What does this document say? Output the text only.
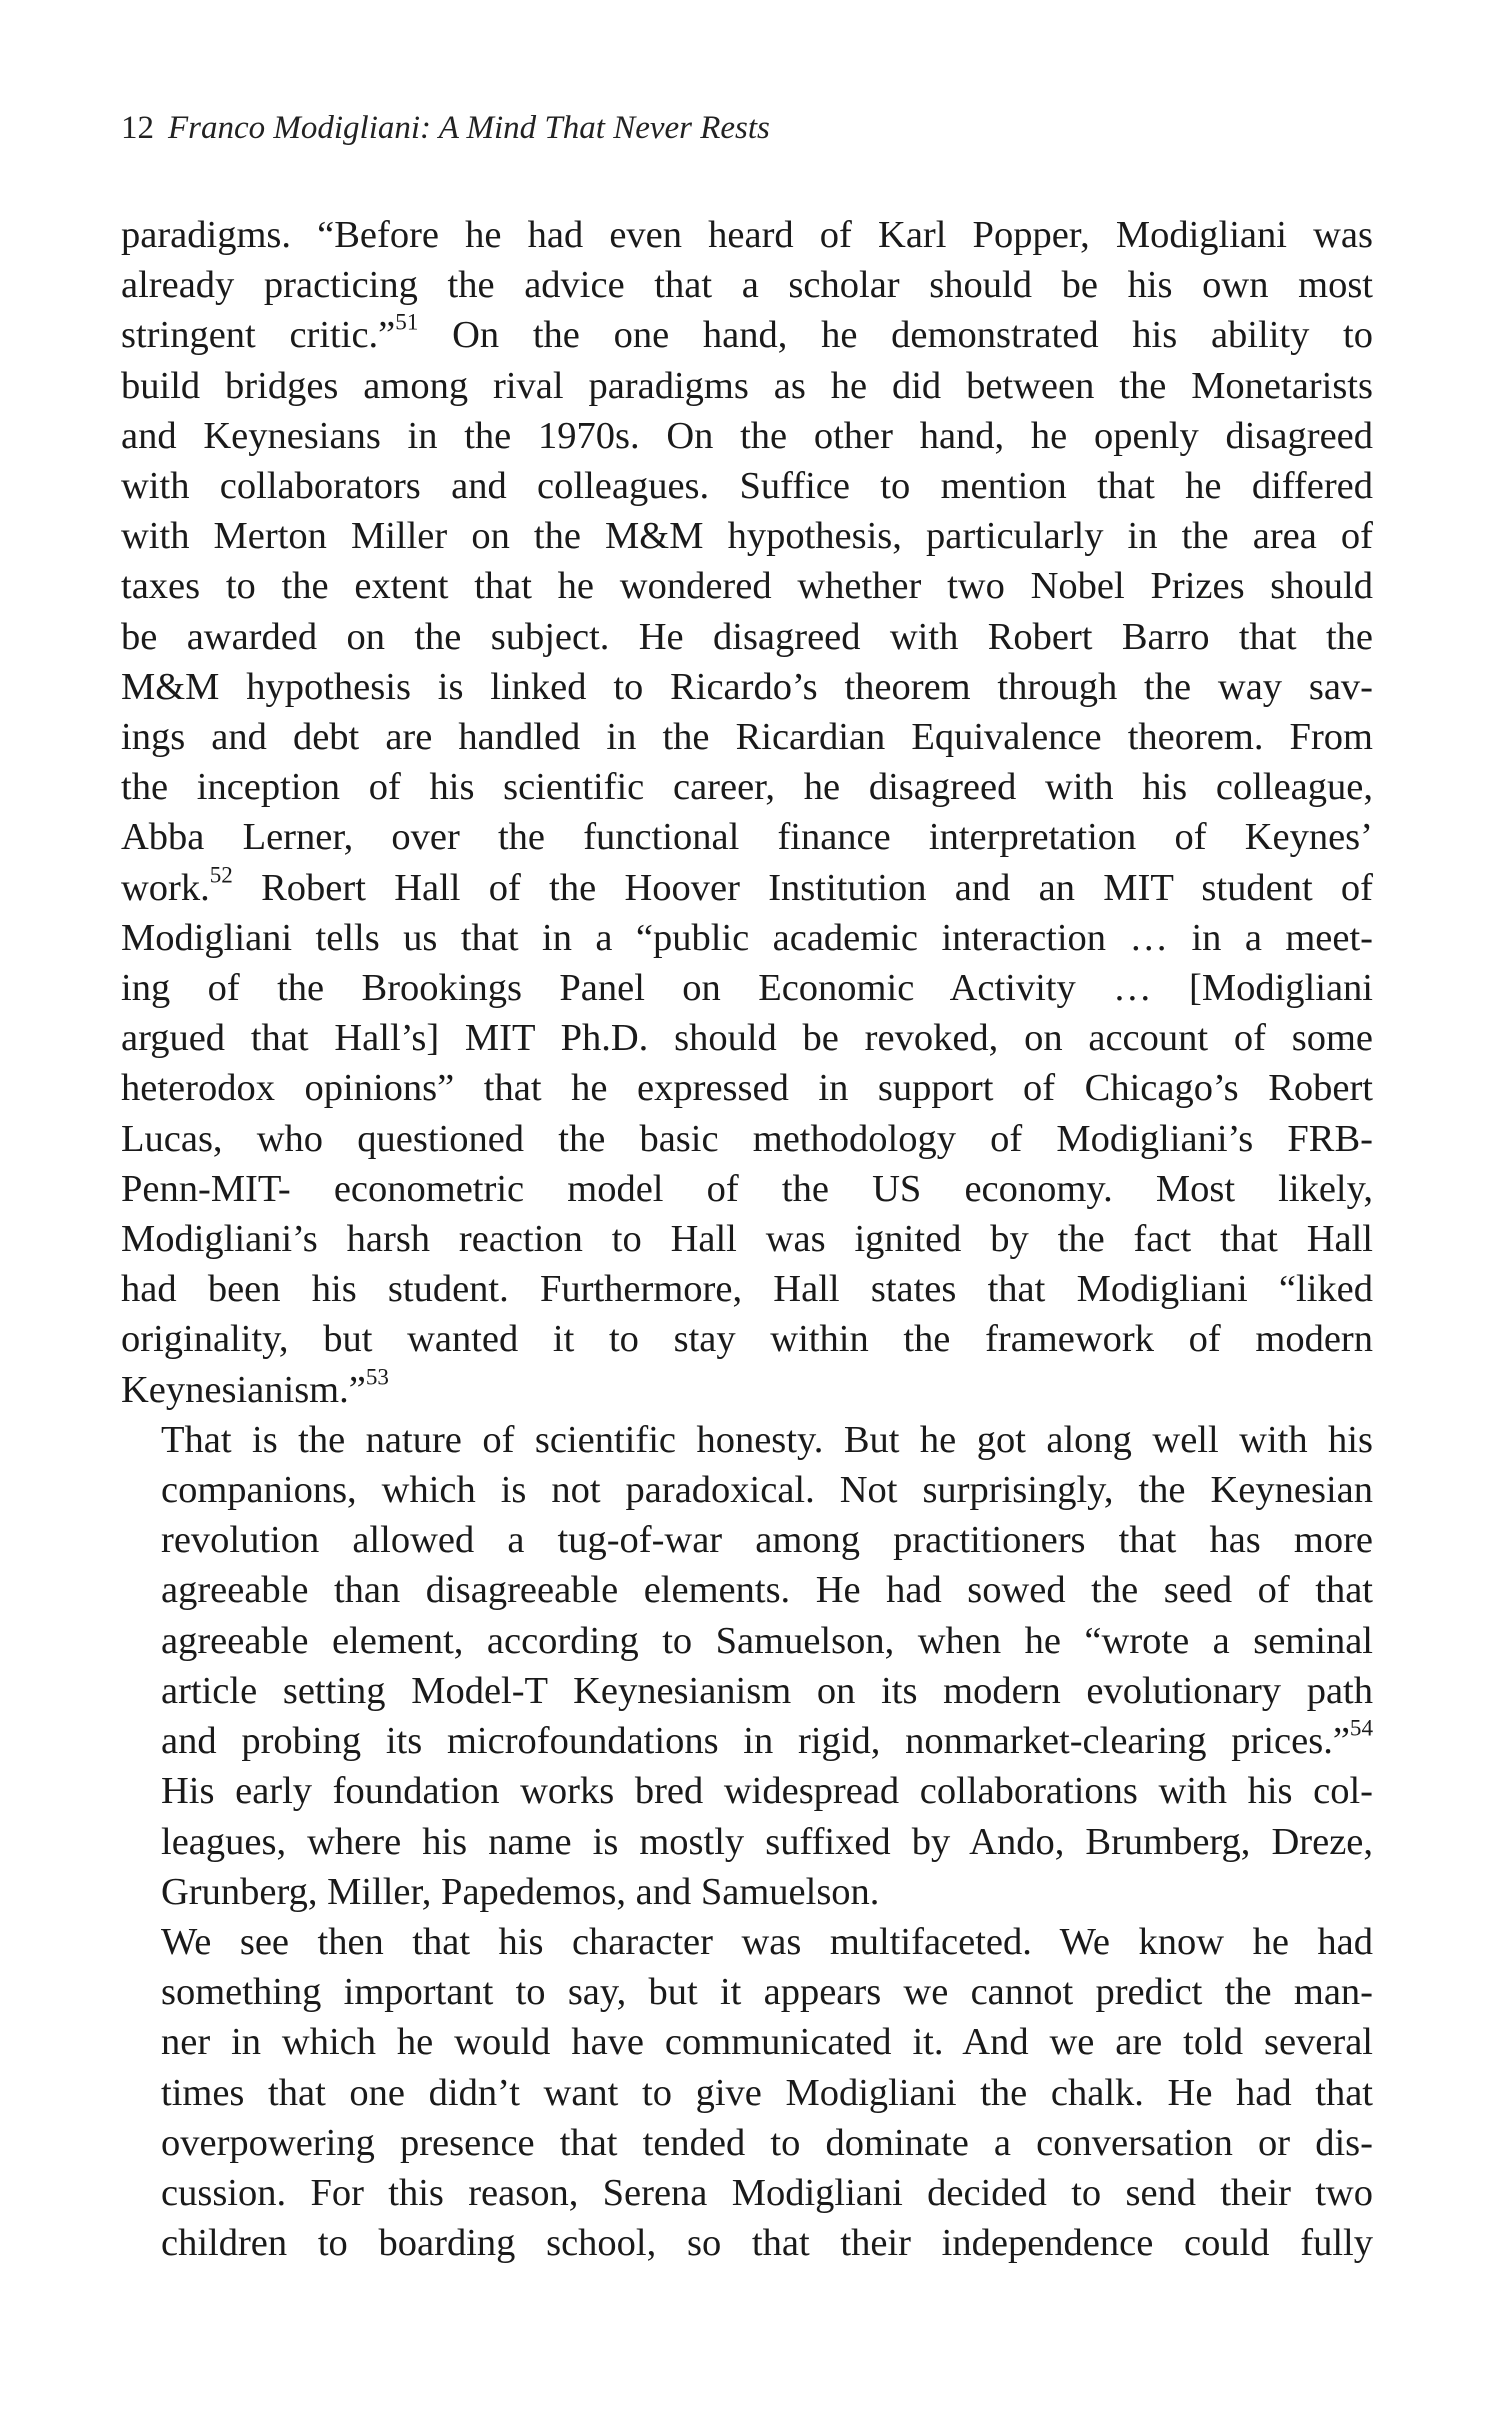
12 Franco Modigliani: A Mind That Never Rests

paradigms. “Before he had even heard of Karl Popper, Modigliani was
already practicing the advice that a scholar should be his own most
stringent critic.”$^{51}$ On the one hand, he demonstrated his ability to
build bridges among rival paradigms as he did between the Monetarists
and Keynesians in the 1970s. On the other hand, he openly disagreed
with collaborators and colleagues. Suffice to mention that he differed
with Merton Miller on the M&M hypothesis, particularly in the area of
taxes to the extent that he wondered whether two Nobel Prizes should
be awarded on the subject. He disagreed with Robert Barro that the
M&M hypothesis is linked to Ricardo’s theorem through the way sav-
ings and debt are handled in the Ricardian Equivalence theorem. From
the inception of his scientific career, he disagreed with his colleague,
Abba Lerner, over the functional finance interpretation of Keynes’
work.$^{52}$ Robert Hall of the Hoover Institution and an MIT student of
Modigliani tells us that in a “public academic interaction … in a meet-
ing of the Brookings Panel on Economic Activity … [Modigliani
argued that Hall’s] MIT Ph.D. should be revoked, on account of some
heterodox opinions” that he expressed in support of Chicago’s Robert
Lucas, who questioned the basic methodology of Modigliani’s FRB-
Penn-MIT- econometric model of the US economy. Most likely,
Modigliani’s harsh reaction to Hall was ignited by the fact that Hall
had been his student. Furthermore, Hall states that Modigliani “liked
originality, but wanted it to stay within the framework of modern
Keynesianism.”$^{53}$

That is the nature of scientific honesty. But he got along well with his
companions, which is not paradoxical. Not surprisingly, the Keynesian
revolution allowed a tug-of-war among practitioners that has more
agreeable than disagreeable elements. He had sowed the seed of that
agreeable element, according to Samuelson, when he “wrote a seminal
article setting Model-T Keynesianism on its modern evolutionary path
and probing its microfoundations in rigid, nonmarket-clearing prices.”$^{54}$
His early foundation works bred widespread collaborations with his col-
leagues, where his name is mostly suffixed by Ando, Brumberg, Dreze,
Grunberg, Miller, Papedemos, and Samuelson.

We see then that his character was multifaceted. We know he had
something important to say, but it appears we cannot predict the man-
ner in which he would have communicated it. And we are told several
times that one didn’t want to give Modigliani the chalk. He had that
overpowering presence that tended to dominate a conversation or dis-
cussion. For this reason, Serena Modigliani decided to send their two
children to boarding school, so that their independence could fully
